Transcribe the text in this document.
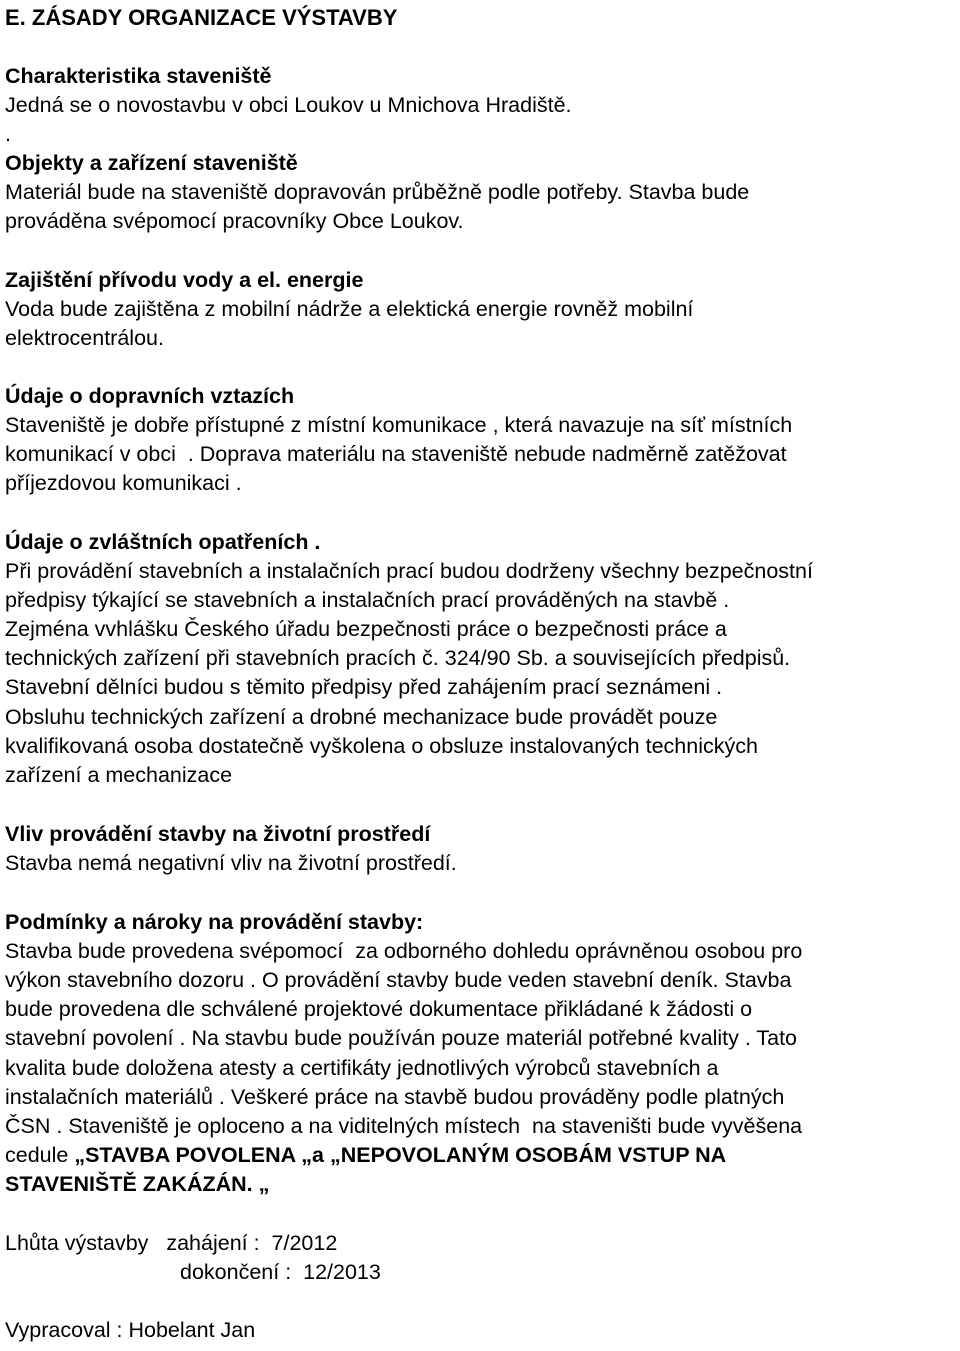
E. ZÁSADY ORGANIZACE VÝSTAVBY
Charakteristika staveniště
Jedná se o novostavbu v obci Loukov u Mnichova Hradiště.
.
Objekty a zařízení staveniště
Materiál bude na staveniště dopravován průběžně podle potřeby. Stavba bude
prováděna svépomocí pracovníky Obce Loukov.
Zajištění přívodu vody a el. energie
Voda bude zajištěna z mobilní nádrže a elektická energie rovněž mobilní
elektrocentrálou.
Údaje o dopravních vztazích
Staveniště je dobře přístupné z místní komunikace , která navazuje na síť místních
komunikací v obci  . Doprava materiálu na staveniště nebude nadměrně zatěžovat
příjezdovou komunikaci .
Údaje o zvláštních opatřeních .
Při provádění stavebních a instalačních prací budou dodrženy všechny bezpečnostní
předpisy týkající se stavebních a instalačních prací prováděných na stavbě .
Zejména vvhlášku Českého úřadu bezpečnosti práce o bezpečnosti práce a
technických zařízení při stavebních pracích č. 324/90 Sb. a souvisejících předpisů.
Stavební dělníci budou s těmito předpisy před zahájením prací seznámeni .
Obsluhu technických zařízení a drobné mechanizace bude provádět pouze
kvalifikovaná osoba dostatečně vyškolena o obsluze instalovaných technických
zařízení a mechanizace
Vliv provádění stavby na životní prostředí
Stavba nemá negativní vliv na životní prostředí.
Podmínky a nároky na provádění stavby:
Stavba bude provedena svépomocí  za odborného dohledu oprávněnou osobou pro
výkon stavebního dozoru . O provádění stavby bude veden stavební deník. Stavba
bude provedena dle schválené projektové dokumentace přikládané k žádosti o
stavební povolení . Na stavbu bude používán pouze materiál potřebné kvality . Tato
kvalita bude doložena atesty a certifikáty jednotlivých výrobců stavebních a
instalačních materiálů . Veškeré práce na stavbě budou prováděny podle platných
ČSN . Staveniště je oploceno a na viditelných místech  na staveništi bude vyvěšena
cedule „STAVBA POVOLENA „a „NEPOVOLANÝM OSOBÁM VSTUP NA
STAVENIŠTĚ ZAKÁZÁN. „
Lhůta výstavby   zahájení :  7/2012
dokončení :  12/2013
Vypracoval : Hobelant Jan
